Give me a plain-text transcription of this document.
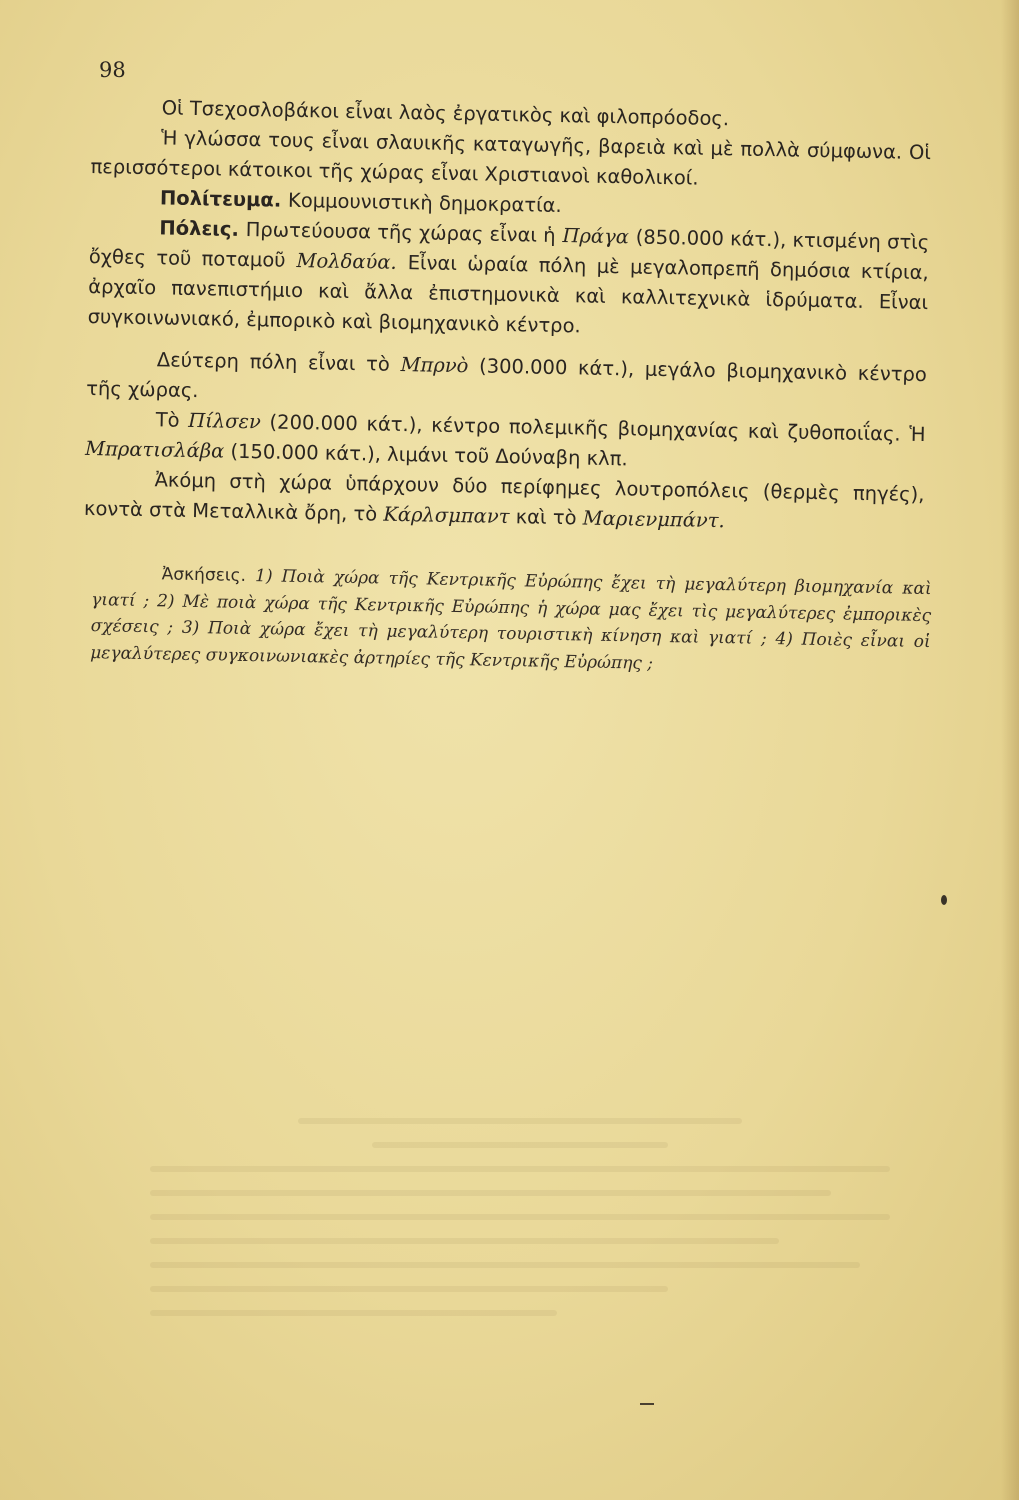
98

Οἱ Τσεχοσλοβάκοι εἶναι λαὸς ἐργατικὸς καὶ φιλοπρόοδος.

Ἡ γλώσσα τους εἶναι σλαυικῆς καταγωγῆς, βαρειὰ καὶ μὲ πολλὰ σύμφωνα. Οἱ περισσότεροι κάτοικοι τῆς χώρας εἶναι Χριστιανοὶ καθολικοί.

Πολίτευμα. Κομμουνιστικὴ δημοκρατία.

Πόλεις. Πρωτεύουσα τῆς χώρας εἶναι ἡ Πράγα (850.000 κάτ.), κτισμένη στὶς ὄχθες τοῦ ποταμοῦ Μολδαύα. Εἶναι ὡραία πόλη μὲ μεγαλοπρεπῆ δημόσια κτίρια, ἀρχαῖο πανεπιστήμιο καὶ ἄλλα ἐπιστημονικὰ καὶ καλλιτεχνικὰ ἱδρύματα. Εἶναι συγκοινωνιακό, ἐμπορικὸ καὶ βιομηχανικὸ κέντρο.

Δεύτερη πόλη εἶναι τὸ Μπρνὸ (300.000 κάτ.), μεγάλο βιομηχανικὸ κέντρο τῆς χώρας.

Τὸ Πίλσεν (200.000 κάτ.), κέντρο πολεμικῆς βιομηχανίας καὶ ζυθοποιΐας. Ἡ Μπρατισλάβα (150.000 κάτ.), λιμάνι τοῦ Δούναβη κλπ.

Ἀκόμη στὴ χώρα ὑπάρχουν δύο περίφημες λουτροπόλεις (θερμὲς πηγές), κοντὰ στὰ Μεταλλικὰ ὄρη, τὸ Κάρλσμπαντ καὶ τὸ Μαριενμπάντ.

Ἀσκήσεις. 1) Ποιὰ χώρα τῆς Κεντρικῆς Εὐρώπης ἔχει τὴ μεγαλύτερη βιομηχανία καὶ γιατί ; 2) Μὲ ποιὰ χώρα τῆς Κεντρικῆς Εὐρώπης ἡ χώρα μας ἔχει τὶς μεγαλύτερες ἐμπορικὲς σχέσεις ; 3) Ποιὰ χώρα ἔχει τὴ μεγαλύτερη τουριστικὴ κίνηση καὶ γιατί ; 4) Ποιὲς εἶναι οἱ μεγαλύτερες συγκοινωνιακὲς ἀρτηρίες τῆς Κεντρικῆς Εὐρώπης ;
